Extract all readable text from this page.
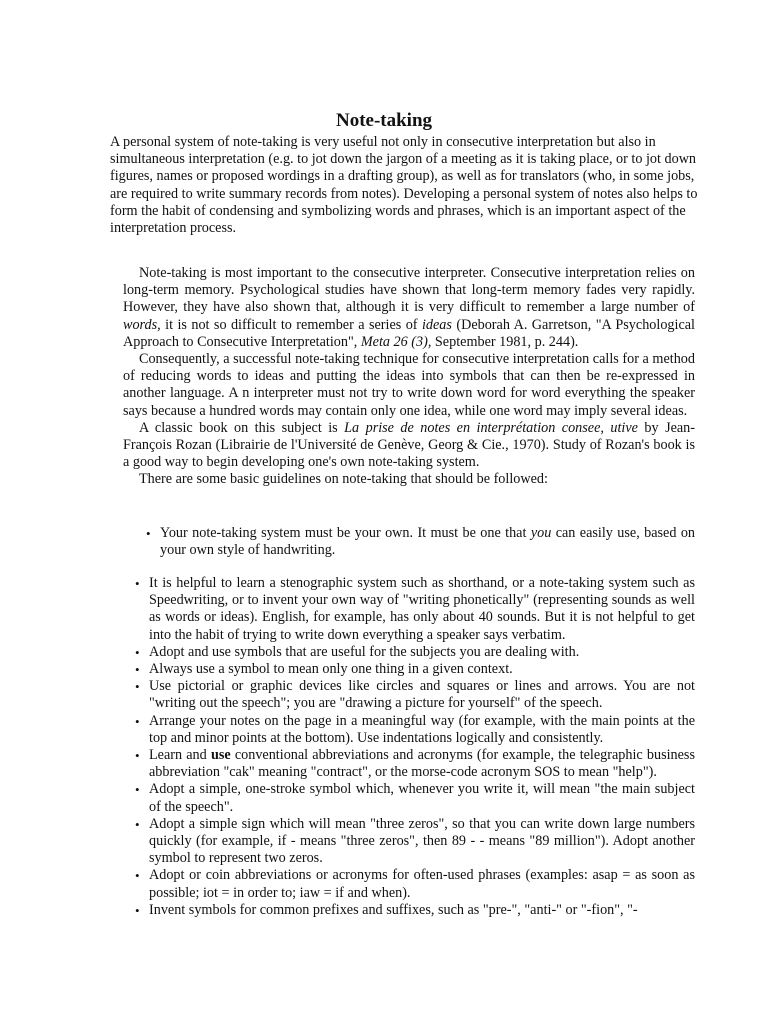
Note-taking

A personal system of note-taking is very useful not only in consecutive interpretation but also in simultaneous interpretation (e.g. to jot down the jargon of a meeting as it is taking place, or to jot down figures, names or proposed wordings in a drafting group), as well as for translators (who, in some jobs, are required to write summary records from notes). Developing a personal system of notes also helps to form the habit of condensing and symbolizing words and phrases, which is an important aspect of the interpretation process.

Note-taking is most important to the consecutive interpreter. Consecutive interpretation relies on long-term memory. Psychological studies have shown that long-term memory fades very rapidly. However, they have also shown that, although it is very difficult to remember a large number of words, it is not so difficult to remember a series of ideas (Deborah A. Garretson, "A Psychological Approach to Consecutive Interpretation", Meta 26 (3), September 1981, p. 244).

Consequently, a successful note-taking technique for consecutive interpretation calls for a method of reducing words to ideas and putting the ideas into symbols that can then be re-expressed in another language. A n interpreter must not try to write down word for word everything the speaker says because a hundred words may contain only one idea, while one word may imply several ideas.

A classic book on this subject is La prise de notes en interprétation consee, utive by Jean-François Rozan (Librairie de l'Université de Genève, Georg & Cie., 1970). Study of Rozan's book is a good way to begin developing one's own note-taking system.

There are some basic guidelines on note-taking that should be followed:

• Your note-taking system must be your own. It must be one that you can easily use, based on your own style of handwriting.
• It is helpful to learn a stenographic system such as shorthand, or a note-taking system such as Speedwriting, or to invent your own way of "writing phonetically" (representing sounds as well as words or ideas). English, for example, has only about 40 sounds. But it is not helpful to get into the habit of trying to write down everything a speaker says verbatim.
• Adopt and use symbols that are useful for the subjects you are dealing with.
• Always use a symbol to mean only one thing in a given context.
• Use pictorial or graphic devices like circles and squares or lines and arrows. You are not "writing out the speech"; you are "drawing a picture for yourself" of the speech.
• Arrange your notes on the page in a meaningful way (for example, with the main points at the top and minor points at the bottom). Use indentations logically and consistently.
• Learn and use conventional abbreviations and acronyms (for example, the telegraphic business abbreviation "cak" meaning "contract", or the morse-code acronym SOS to mean "help").
• Adopt a simple, one-stroke symbol which, whenever you write it, will mean "the main subject of the speech".
• Adopt a simple sign which will mean "three zeros", so that you can write down large numbers quickly (for example, if - means "three zeros", then 89 - - means "89 million"). Adopt another symbol to represent two zeros.
• Adopt or coin abbreviations or acronyms for often-used phrases (examples: asap = as soon as possible; iot = in order to; iaw = if and when).
• Invent symbols for common prefixes and suffixes, such as "pre-", "anti-" or "-fion", "-
